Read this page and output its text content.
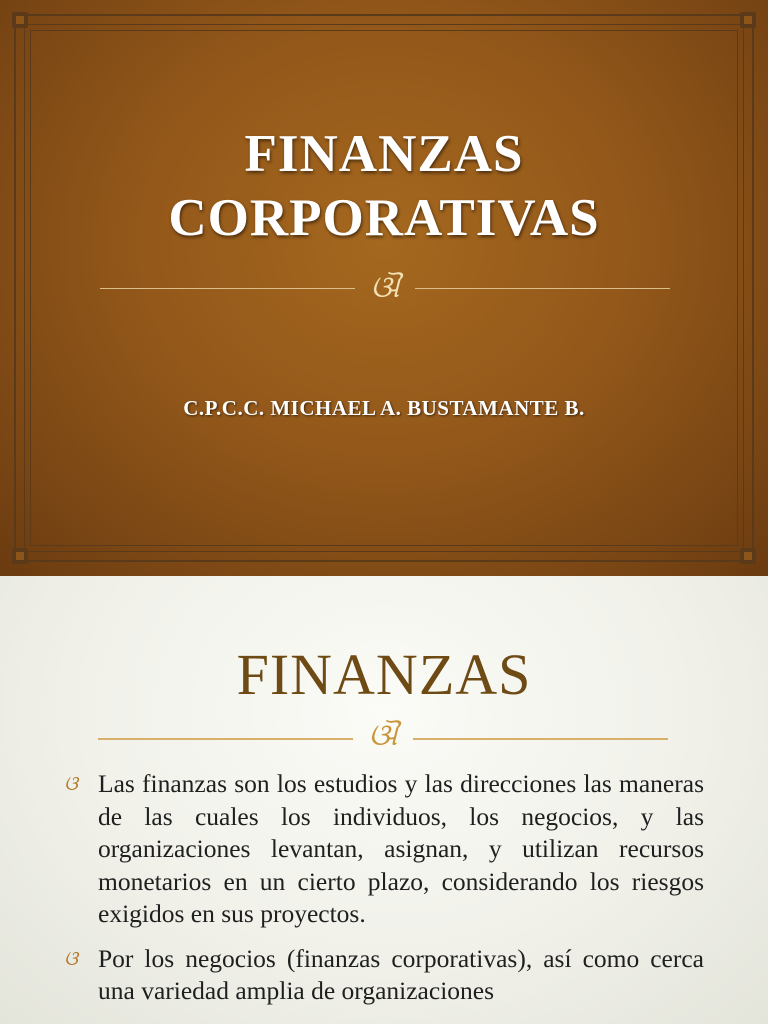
FINANZAS
CORPORATIVAS
ଔ
C.P.C.C. MICHAEL A. BUSTAMANTE B.
FINANZAS
ଔ
ଓ Las finanzas son los estudios y las direcciones las maneras de las cuales los individuos, los negocios, y las organizaciones levantan, asignan, y utilizan recursos monetarios en un cierto plazo, considerando los riesgos exigidos en sus proyectos.
ଓ Por los negocios (finanzas corporativas), así como cerca una variedad amplia de organizaciones
